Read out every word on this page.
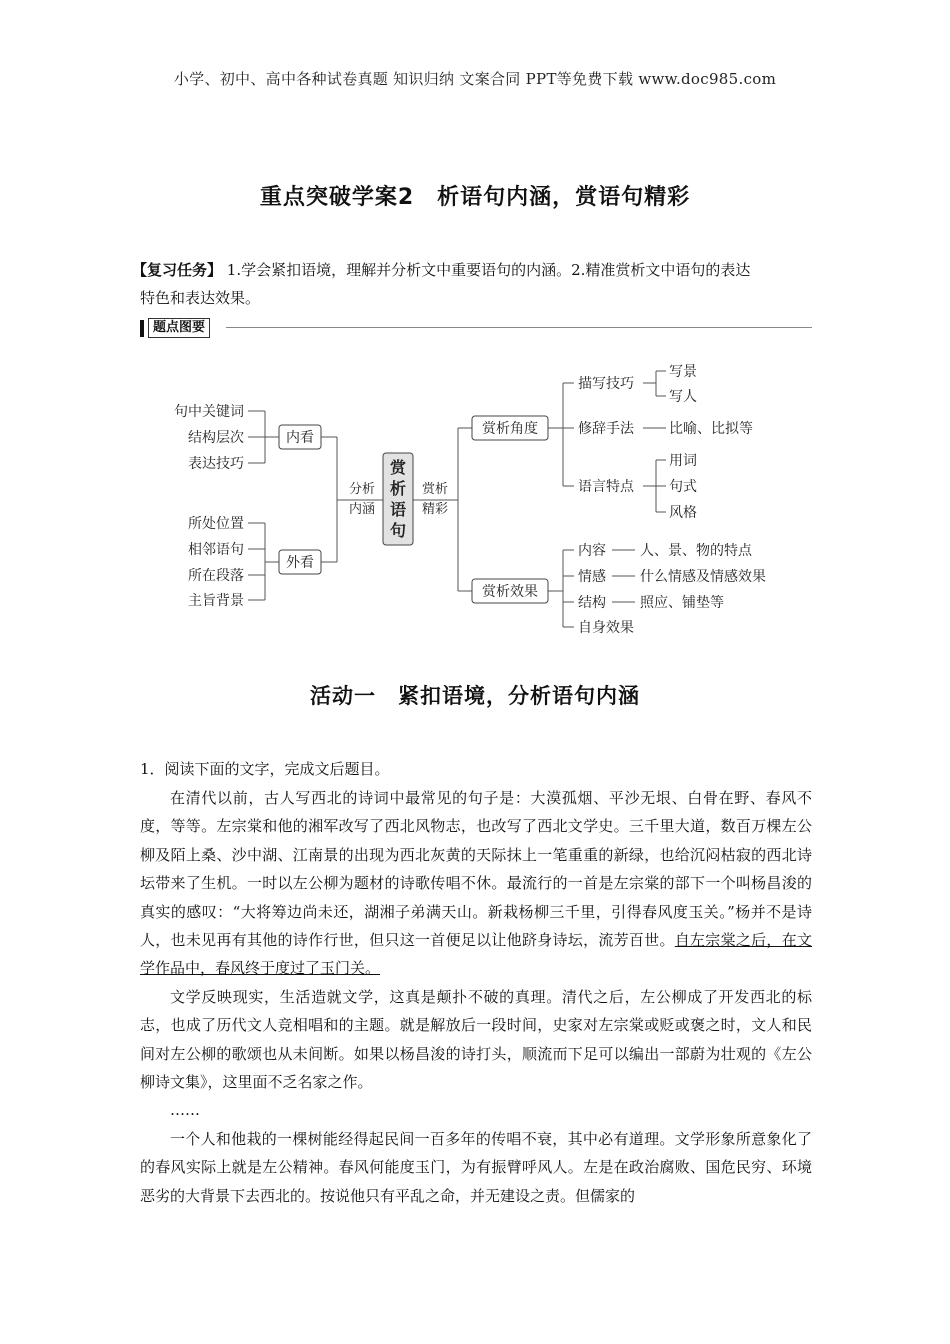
小学、初中、高中各种试卷真题 知识归纳 文案合同 PPT等免费下载 www.doc985.com
重点突破学案2　析语句内涵，赏语句精彩
【复习任务】 1.学会紧扣语境，理解并分析文中重要语句的内涵。2.精准赏析文中语句的表达
特色和表达效果。
题点图要
句中关键词
结构层次
表达技巧
所处位置
相邻语句
所在段落
主旨背景
内看
外看
分析
内涵
赏析
精彩
赏
析
语
句
赏析角度
赏析效果
描写技巧
写景
写人
修辞手法	比喻、比拟等
语言特点
用词
句式
风格
内容 人、景、物的特点
情感 什么情感及情感效果
结构 照应、铺垫等
自身效果
活动一　紧扣语境，分析语句内涵
1．阅读下面的文字，完成文后题目。

在清代以前，古人写西北的诗词中最常见的句子是：大漠孤烟、平沙无垠、白骨在野、春风不度，等等。左宗棠和他的湘军改写了西北风物志，也改写了西北文学史。三千里大道，数百万棵左公柳及陌上桑、沙中湖、江南景的出现为西北灰黄的天际抹上一笔重重的新绿，也给沉闷枯寂的西北诗坛带来了生机。一时以左公柳为题材的诗歌传唱不休。最流行的一首是左宗棠的部下一个叫杨昌浚的真实的感叹：“大将筹边尚未还，湖湘子弟满天山。新栽杨柳三千里，引得春风度玉关。”杨并不是诗人，也未见再有其他的诗作行世，但只这一首便足以让他跻身诗坛，流芳百世。自左宗棠之后，在文学作品中，春风终于度过了玉门关。

文学反映现实，生活造就文学，这真是颠扑不破的真理。清代之后，左公柳成了开发西北的标志，也成了历代文人竞相唱和的主题。就是解放后一段时间，史家对左宗棠或贬或褒之时，文人和民间对左公柳的歌颂也从未间断。如果以杨昌浚的诗打头，顺流而下足可以编出一部蔚为壮观的《左公柳诗文集》，这里面不乏名家之作。

……

一个人和他栽的一棵树能经得起民间一百多年的传唱不衰，其中必有道理。文学形象所意象化了的春风实际上就是左公精神。春风何能度玉门，为有振臂呼风人。左是在政治腐败、国危民穷、环境恶劣的大背景下去西北的。按说他只有平乱之命，并无建设之责。但儒家的
